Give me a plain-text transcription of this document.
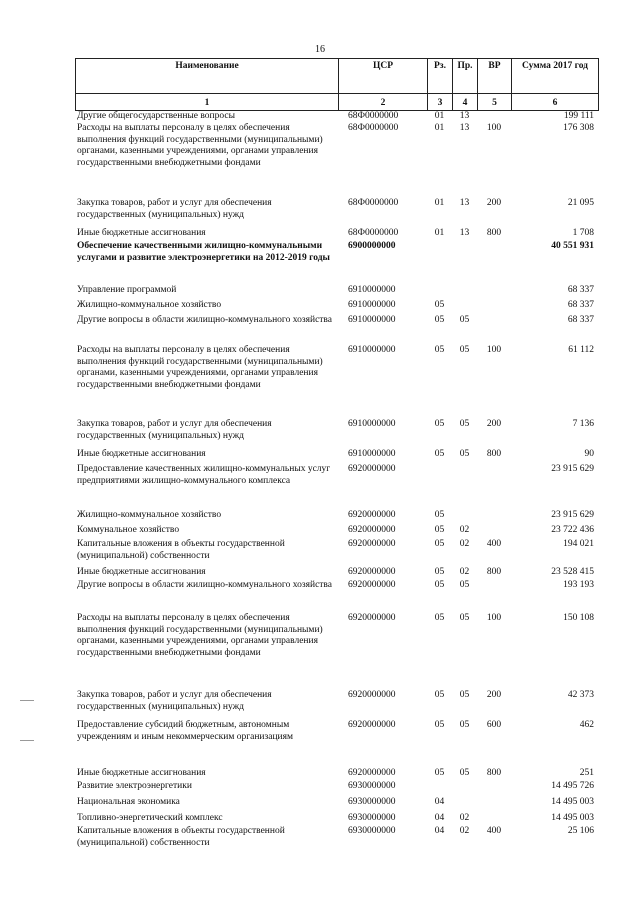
16
Наименование	ЦСР	Рз.	Пр.	ВР	Сумма 2017 год
1	2	3	4	5	6
Другие общегосударственные вопросы	68Ф0000000	01	13		199 111
Расходы на выплаты персоналу в целях обеспечения выполнения функций государственными (муниципальными) органами, казенными учреждениями, органами управления государственными внебюджетными фондами	68Ф0000000	01	13	100	176 308
Закупка товаров, работ и услуг для обеспечения государственных (муниципальных) нужд	68Ф0000000	01	13	200	21 095
Иные бюджетные ассигнования	68Ф0000000	01	13	800	1 708
Обеспечение качественными жилищно-коммунальными услугами и развитие электроэнергетики на 2012-2019 годы	6900000000				40 551 931
Управление программой	6910000000				68 337
Жилищно-коммунальное хозяйство	6910000000	05			68 337
Другие вопросы в области жилищно-коммунального хозяйства	6910000000	05	05		68 337
Расходы на выплаты персоналу в целях обеспечения выполнения функций государственными (муниципальными) органами, казенными учреждениями, органами управления государственными внебюджетными фондами	6910000000	05	05	100	61 112
Закупка товаров, работ и услуг для обеспечения государственных (муниципальных) нужд	6910000000	05	05	200	7 136
Иные бюджетные ассигнования	6910000000	05	05	800	90
Предоставление качественных жилищно-коммунальных услуг предприятиями жилищно-коммунального комплекса	6920000000				23 915 629
Жилищно-коммунальное хозяйство	6920000000	05			23 915 629
Коммунальное хозяйство	6920000000	05	02		23 722 436
Капитальные вложения в объекты государственной (муниципальной) собственности	6920000000	05	02	400	194 021
Иные бюджетные ассигнования	6920000000	05	02	800	23 528 415
Другие вопросы в области жилищно-коммунального хозяйства	6920000000	05	05		193 193
Расходы на выплаты персоналу в целях обеспечения выполнения функций государственными (муниципальными) органами, казенными учреждениями, органами управления государственными внебюджетными фондами	6920000000	05	05	100	150 108
Закупка товаров, работ и услуг для обеспечения государственных (муниципальных) нужд	6920000000	05	05	200	42 373
Предоставление субсидий бюджетным, автономным учреждениям и иным некоммерческим организациям	6920000000	05	05	600	462
Иные бюджетные ассигнования	6920000000	05	05	800	251
Развитие электроэнергетики	6930000000				14 495 726
Национальная экономика	6930000000	04			14 495 003
Топливно-энергетический комплекс	6930000000	04	02		14 495 003
Капитальные вложения в объекты государственной (муниципальной) собственности	6930000000	04	02	400	25 106
